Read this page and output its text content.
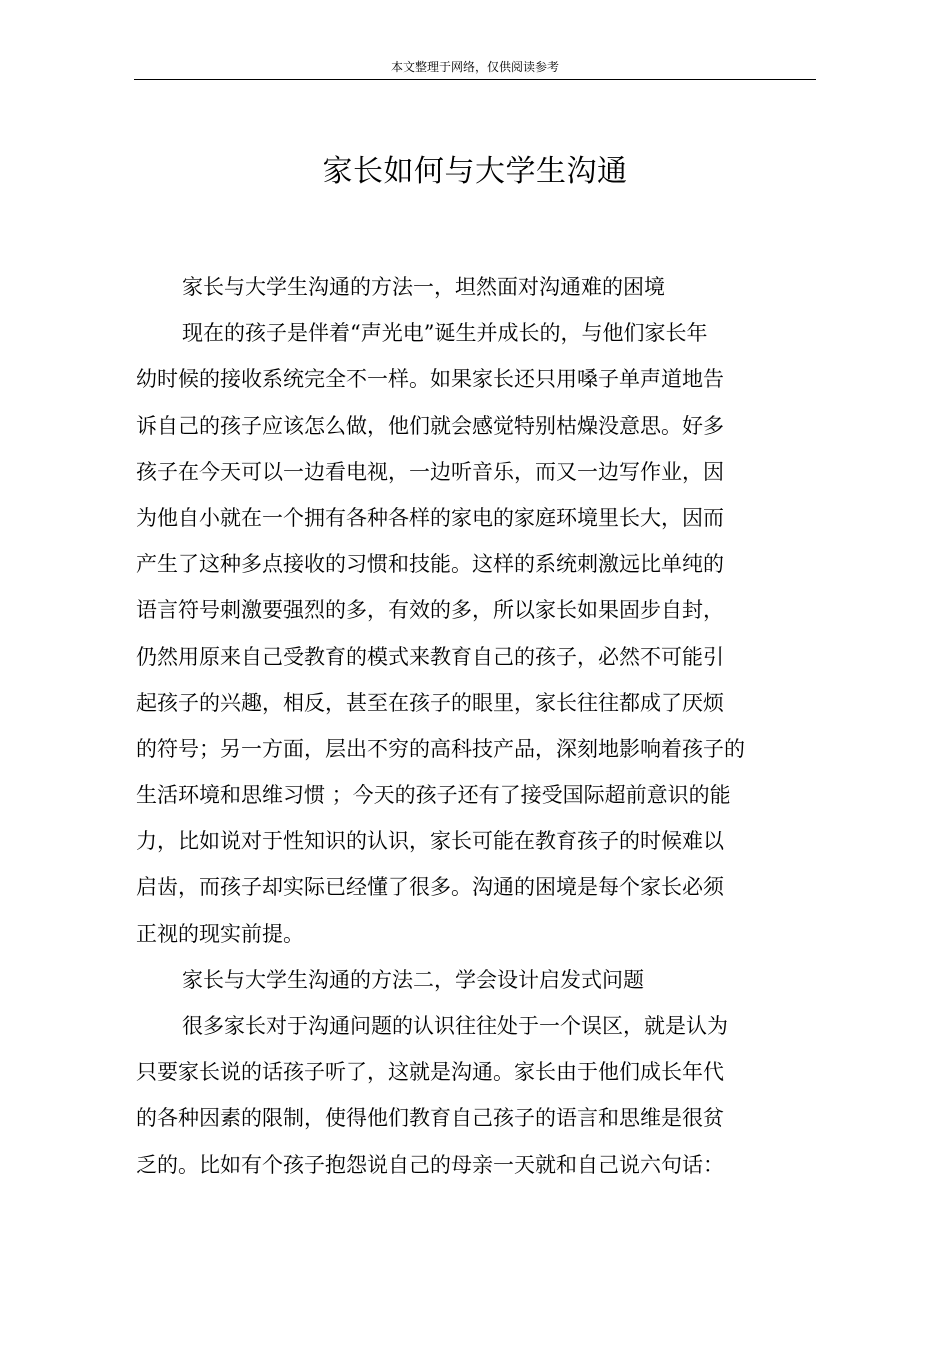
本文整理于网络，仅供阅读参考
家长如何与大学生沟通
家长与大学生沟通的方法一，坦然面对沟通难的困境
现在的孩子是伴着“声光电”诞生并成长的，与他们家长年
幼时候的接收系统完全不一样。如果家长还只用嗓子单声道地告
诉自己的孩子应该怎么做，他们就会感觉特别枯燥没意思。好多
孩子在今天可以一边看电视，一边听音乐，而又一边写作业，因
为他自小就在一个拥有各种各样的家电的家庭环境里长大，因而
产生了这种多点接收的习惯和技能。这样的系统刺激远比单纯的
语言符号刺激要强烈的多，有效的多，所以家长如果固步自封，
仍然用原来自己受教育的模式来教育自己的孩子，必然不可能引
起孩子的兴趣，相反，甚至在孩子的眼里，家长往往都成了厌烦
的符号；另一方面，层出不穷的高科技产品，深刻地影响着孩子的
生活环境和思维习惯 ；今天的孩子还有了接受国际超前意识的能
力，比如说对于性知识的认识，家长可能在教育孩子的时候难以
启齿，而孩子却实际已经懂了很多。沟通的困境是每个家长必须
正视的现实前提。
家长与大学生沟通的方法二，学会设计启发式问题
很多家长对于沟通问题的认识往往处于一个误区，就是认为
只要家长说的话孩子听了，这就是沟通。家长由于他们成长年代
的各种因素的限制，使得他们教育自己孩子的语言和思维是很贫
乏的。比如有个孩子抱怨说自己的母亲一天就和自己说六句话：
